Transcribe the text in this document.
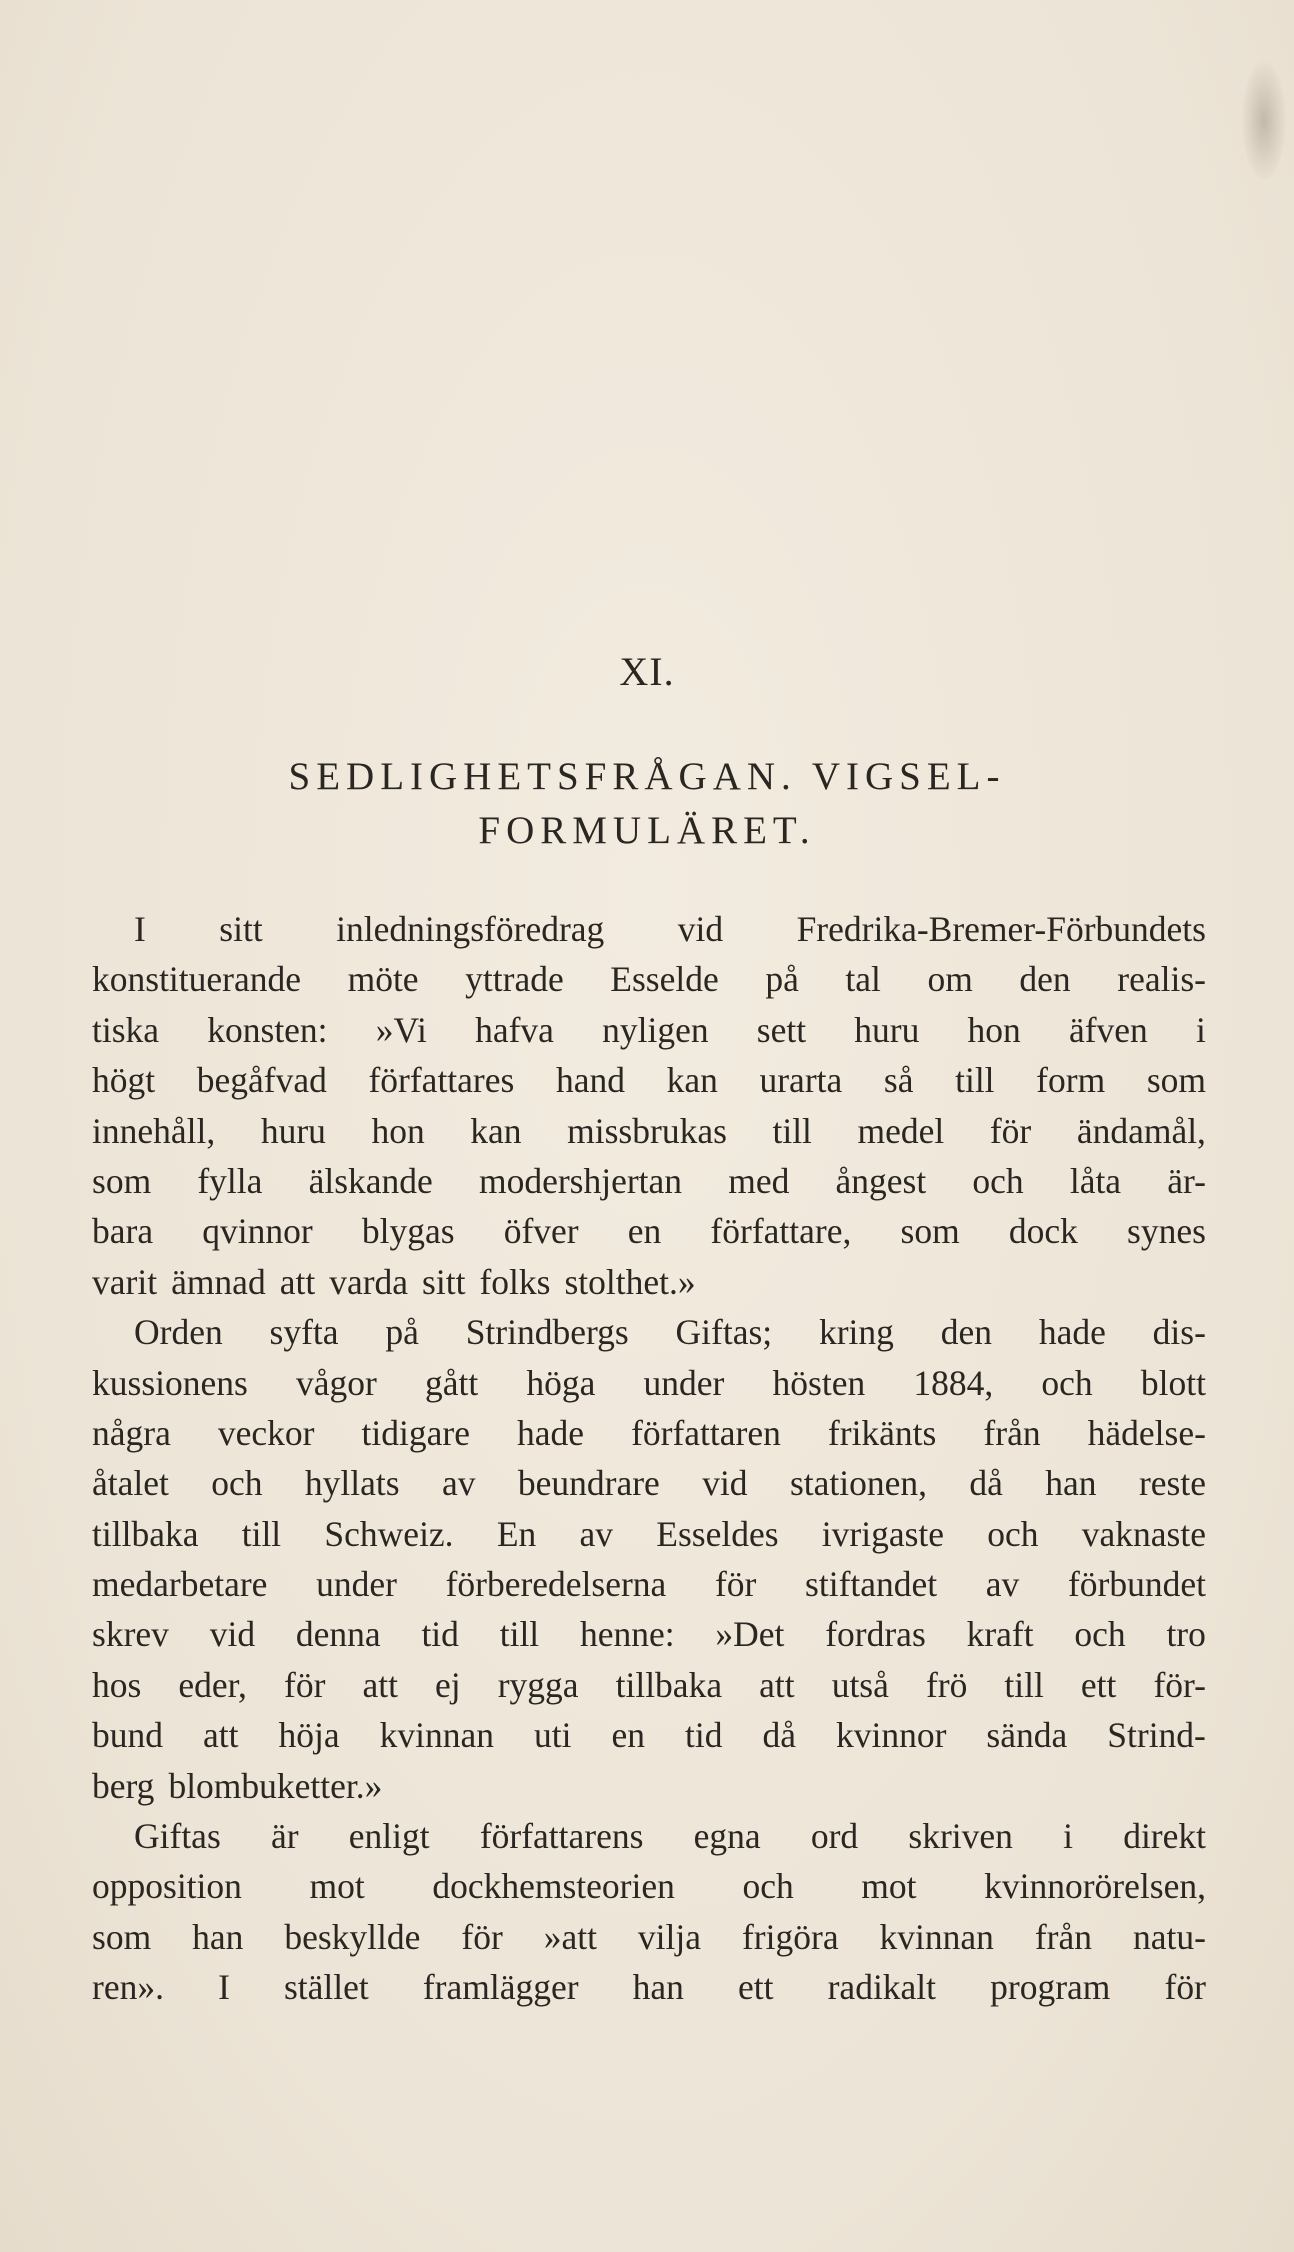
XI.
SEDLIGHETSFRÅGAN. VIGSEL-
FORMULÄRET.
I sitt inledningsföredrag vid Fredrika-Bremer-Förbundets
konstituerande möte yttrade Esselde på tal om den realis-
tiska konsten: »Vi hafva nyligen sett huru hon äfven i
högt begåfvad författares hand kan urarta så till form som
innehåll, huru hon kan missbrukas till medel för ändamål,
som fylla älskande modershjertan med ångest och låta är-
bara qvinnor blygas öfver en författare, som dock synes
varit ämnad att varda sitt folks stolthet.»
Orden syfta på Strindbergs Giftas; kring den hade dis-
kussionens vågor gått höga under hösten 1884, och blott
några veckor tidigare hade författaren frikänts från hädelse-
åtalet och hyllats av beundrare vid stationen, då han reste
tillbaka till Schweiz. En av Esseldes ivrigaste och vaknaste
medarbetare under förberedelserna för stiftandet av förbundet
skrev vid denna tid till henne: »Det fordras kraft och tro
hos eder, för att ej rygga tillbaka att utså frö till ett för-
bund att höja kvinnan uti en tid då kvinnor sända Strind-
berg blombuketter.»
Giftas är enligt författarens egna ord skriven i direkt
opposition mot dockhemsteorien och mot kvinnorörelsen,
som han beskyllde för »att vilja frigöra kvinnan från natu-
ren». I stället framlägger han ett radikalt program för
